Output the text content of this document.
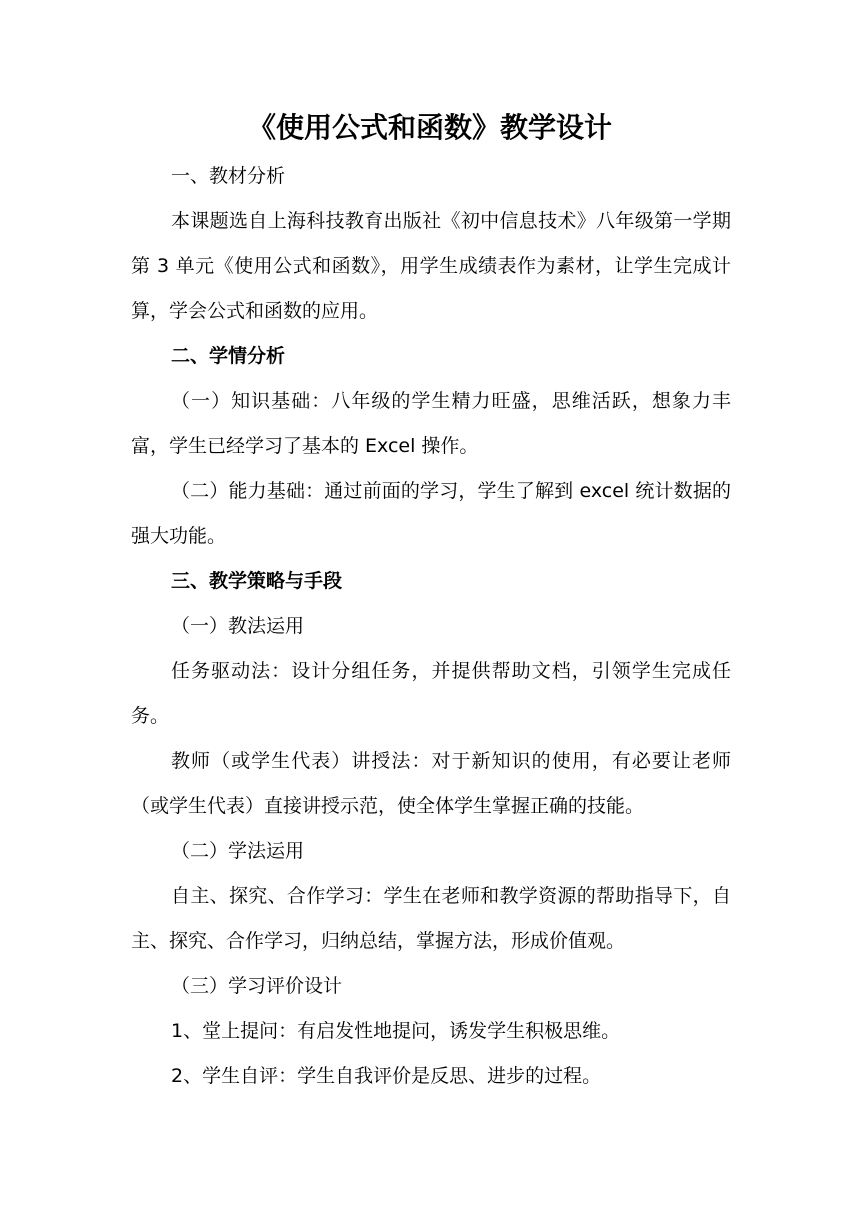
《使用公式和函数》教学设计

一、教材分析

本课题选自上海科技教育出版社《初中信息技术》八年级第一学期第 3 单元《使用公式和函数》，用学生成绩表作为素材，让学生完成计算，学会公式和函数的应用。

二、学情分析

（一）知识基础：八年级的学生精力旺盛，思维活跃，想象力丰富，学生已经学习了基本的 Excel 操作。

（二）能力基础：通过前面的学习，学生了解到 excel 统计数据的强大功能。

三、教学策略与手段

（一）教法运用

任务驱动法：设计分组任务，并提供帮助文档，引领学生完成任务。

教师（或学生代表）讲授法：对于新知识的使用，有必要让老师（或学生代表）直接讲授示范，使全体学生掌握正确的技能。

（二）学法运用

自主、探究、合作学习：学生在老师和教学资源的帮助指导下，自主、探究、合作学习，归纳总结，掌握方法，形成价值观。

（三）学习评价设计

1、堂上提问：有启发性地提问，诱发学生积极思维。

2、学生自评：学生自我评价是反思、进步的过程。
